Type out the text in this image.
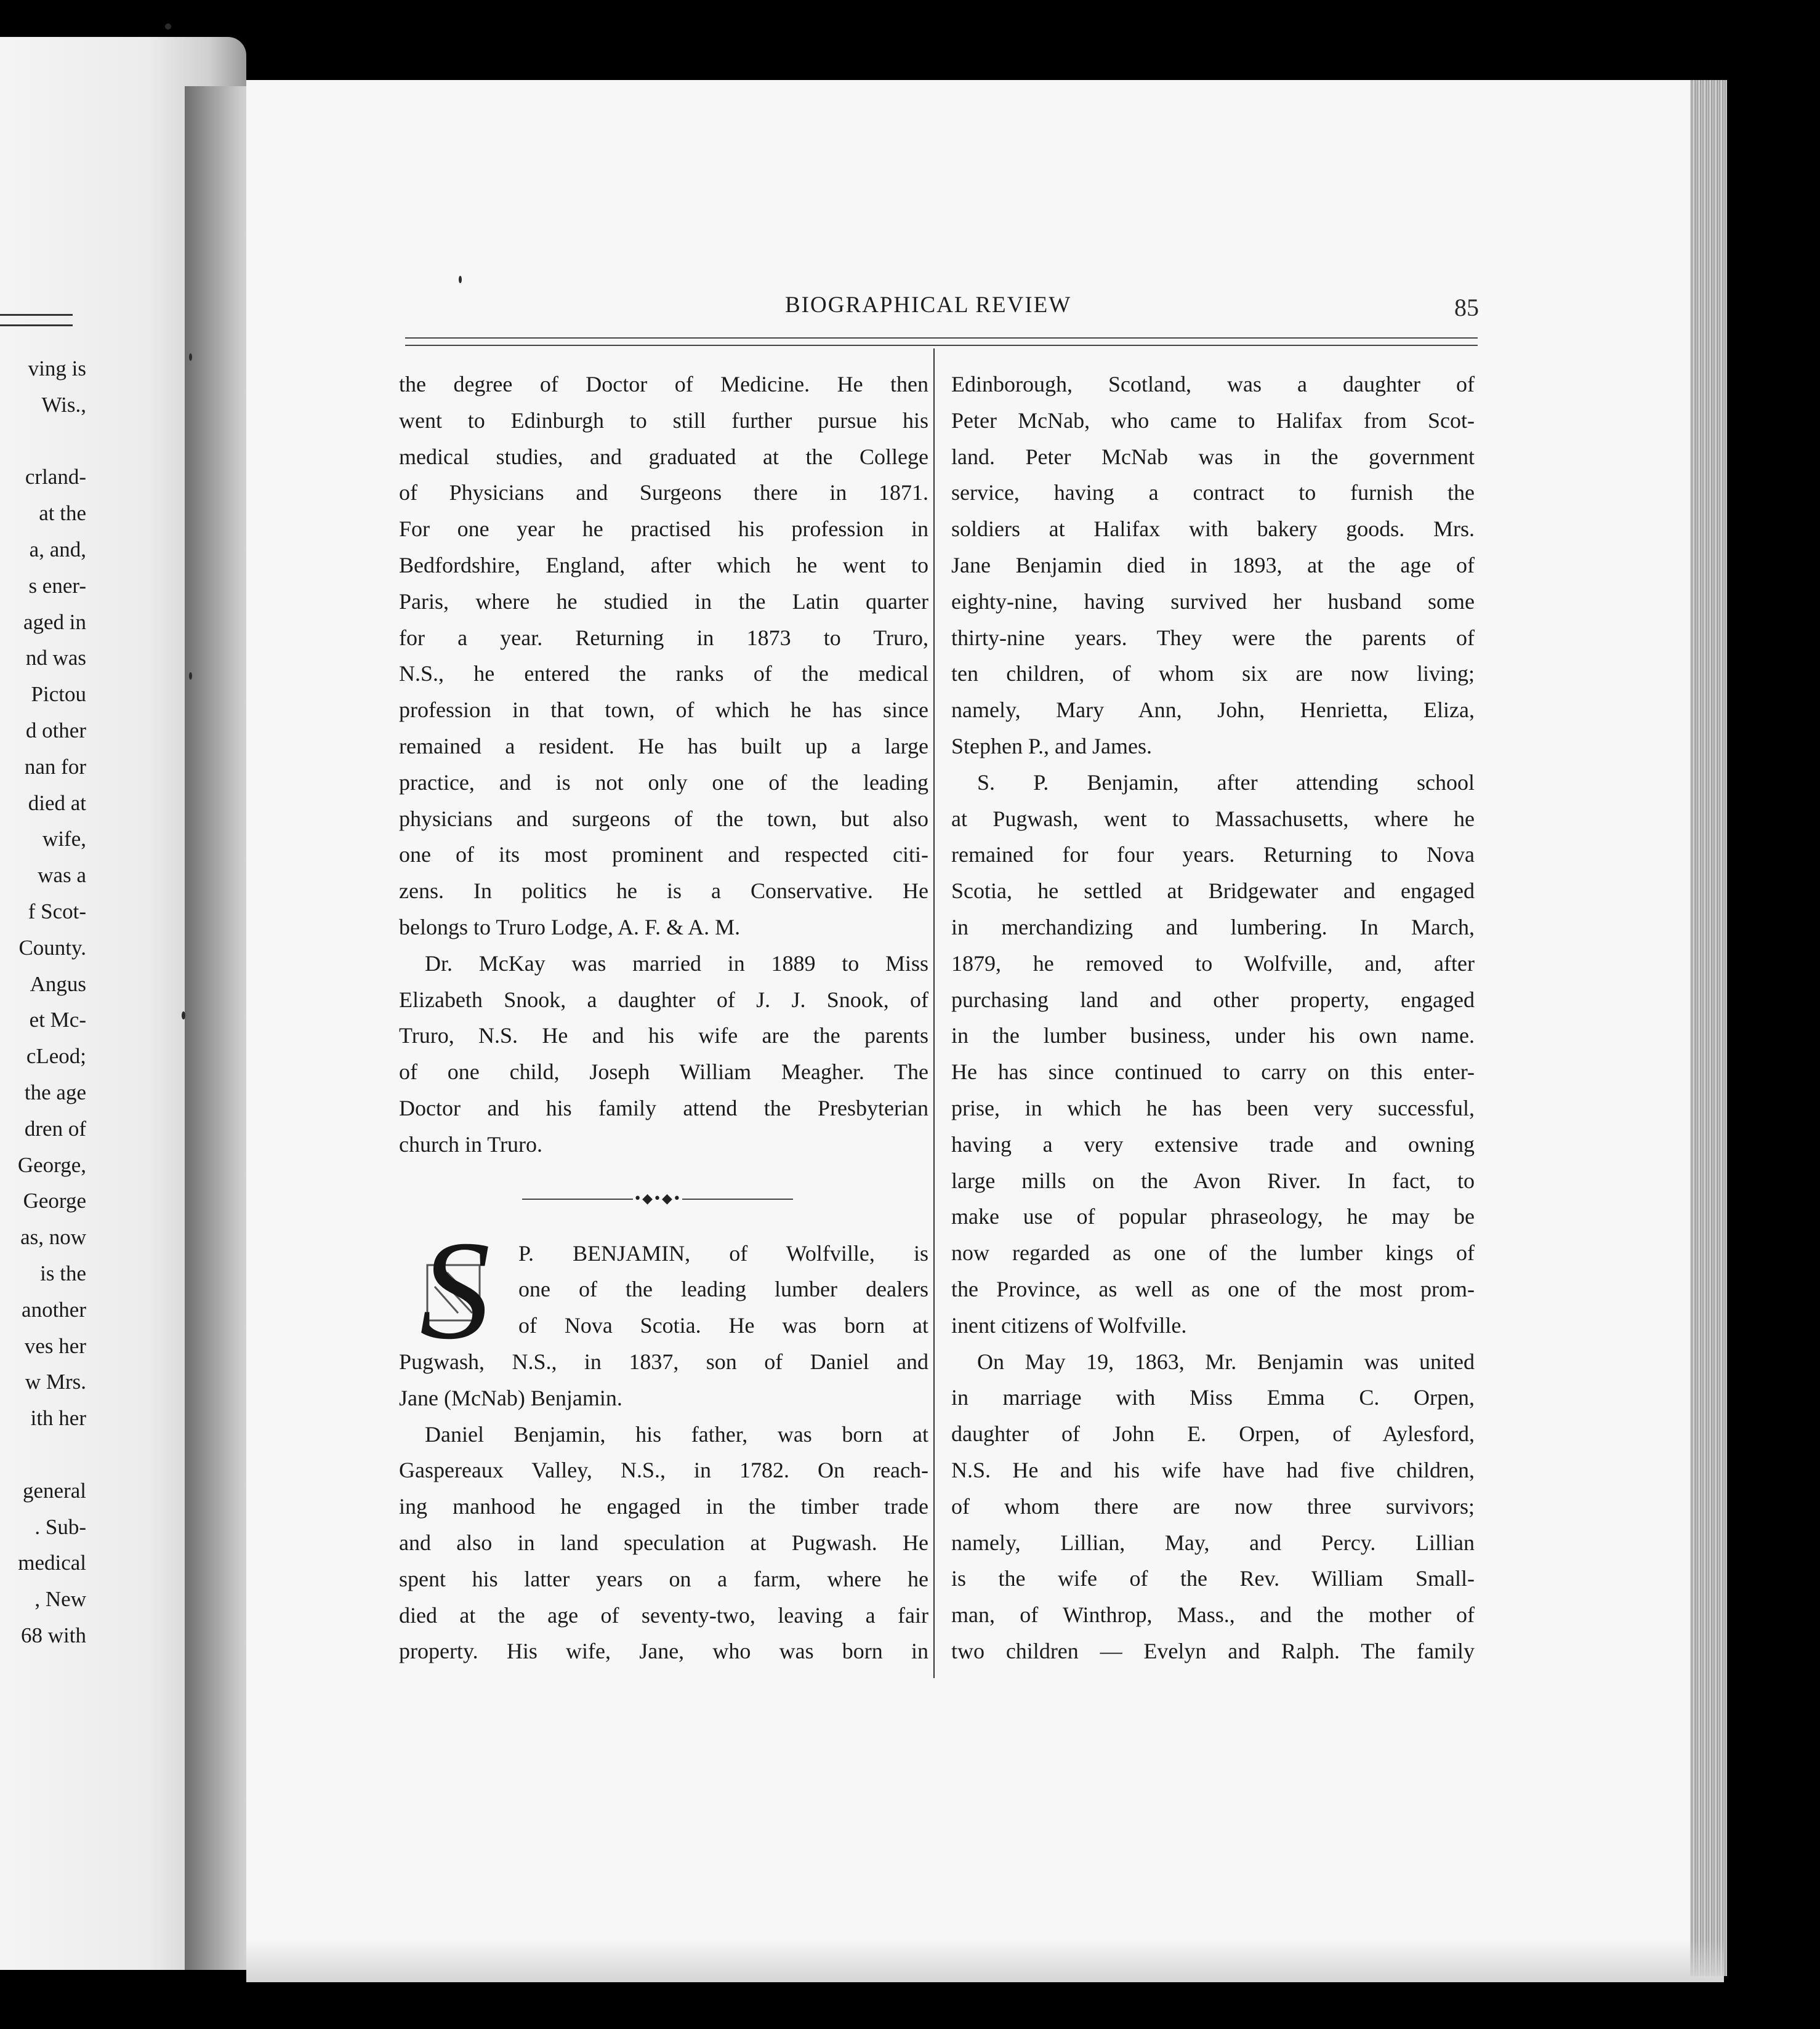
ving is
Wis.,
crland-
at the
a, and,
s ener-
aged in
nd was
Pictou
d other
nan for
died at
wife,
was a
f Scot-
County.
Angus
et Mc-
cLeod;
the age
dren of
George,
George
as, now
is the
another
ves her
w Mrs.
ith her
general
. Sub-
medical
, New
68 with
BIOGRAPHICAL REVIEW	85
the degree of Doctor of Medicine. He then
went to Edinburgh to still further pursue his
medical studies, and graduated at the College
of Physicians and Surgeons there in 1871.
For one year he practised his profession in
Bedfordshire, England, after which he went to
Paris, where he studied in the Latin quarter
for a year. Returning in 1873 to Truro,
N.S., he entered the ranks of the medical
profession in that town, of which he has since
remained a resident. He has built up a large
practice, and is not only one of the leading
physicians and surgeons of the town, but also
one of its most prominent and respected citi-
zens. In politics he is a Conservative. He
belongs to Truro Lodge, A. F. & A. M.
Dr. McKay was married in 1889 to Miss
Elizabeth Snook, a daughter of J. J. Snook, of
Truro, N.S. He and his wife are the parents
of one child, Joseph William Meagher. The
Doctor and his family attend the Presbyterian
church in Truro.
•◆•◆•
S	P. BENJAMIN, of Wolfville, is
one of the leading lumber dealers
of Nova Scotia. He was born at
Pugwash, N.S., in 1837, son of Daniel and
Jane (McNab) Benjamin.
Daniel Benjamin, his father, was born at
Gaspereaux Valley, N.S., in 1782. On reach-
ing manhood he engaged in the timber trade
and also in land speculation at Pugwash. He
spent his latter years on a farm, where he
died at the age of seventy-two, leaving a fair
property. His wife, Jane, who was born in
Edinborough, Scotland, was a daughter of
Peter McNab, who came to Halifax from Scot-
land. Peter McNab was in the government
service, having a contract to furnish the
soldiers at Halifax with bakery goods. Mrs.
Jane Benjamin died in 1893, at the age of
eighty-nine, having survived her husband some
thirty-nine years. They were the parents of
ten children, of whom six are now living;
namely, Mary Ann, John, Henrietta, Eliza,
Stephen P., and James.
S. P. Benjamin, after attending school
at Pugwash, went to Massachusetts, where he
remained for four years. Returning to Nova
Scotia, he settled at Bridgewater and engaged
in merchandizing and lumbering. In March,
1879, he removed to Wolfville, and, after
purchasing land and other property, engaged
in the lumber business, under his own name.
He has since continued to carry on this enter-
prise, in which he has been very successful,
having a very extensive trade and owning
large mills on the Avon River. In fact, to
make use of popular phraseology, he may be
now regarded as one of the lumber kings of
the Province, as well as one of the most prom-
inent citizens of Wolfville.
On May 19, 1863, Mr. Benjamin was united
in marriage with Miss Emma C. Orpen,
daughter of John E. Orpen, of Aylesford,
N.S. He and his wife have had five children,
of whom there are now three survivors;
namely, Lillian, May, and Percy. Lillian
is the wife of the Rev. William Small-
man, of Winthrop, Mass., and the mother of
two children — Evelyn and Ralph. The family
